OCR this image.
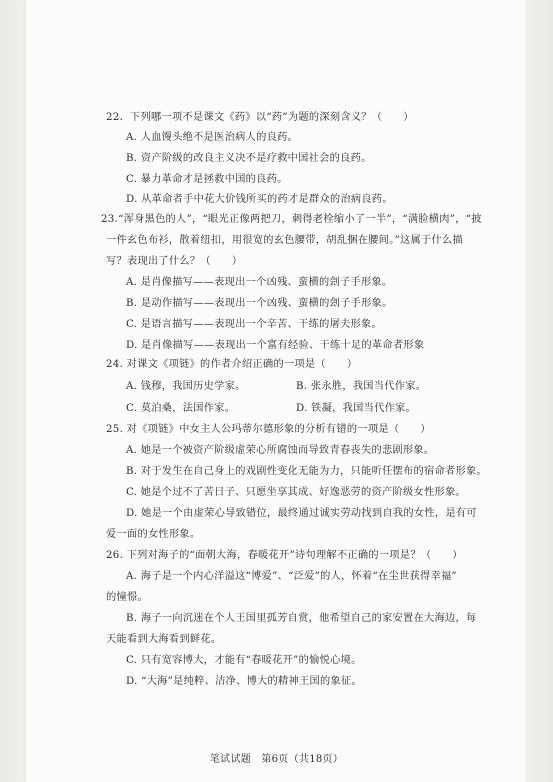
22．下列哪一项不是课文《药》以“药”为题的深刻含义？（　　）
A. 人血馒头绝不是医治病人的良药。
B. 资产阶级的改良主义决不是疗救中国社会的良药。
C. 暴力革命才是拯救中国的良药。
D. 从革命者手中花大价钱所买的药才是群众的治病良药。
23.“浑身黑色的人”，“眼光正像两把刀，刺得老栓缩小了一半”，“满脸横肉”，“披
一件玄色布衫，散着纽扣，用很宽的玄色腰带，胡乱捆在腰间。”这属于什么描
写？表现出了什么？（　　）
A. 是肖像描写——表现出一个凶残、蛮横的刽子手形象。
B. 是动作描写——表现出一个凶残、蛮横的刽子手形象。
C. 是语言描写——表现出一个辛苦、干练的屠夫形象。
D. 是肖像描写——表现出一个富有经验、干练十足的革命者形象
24. 对课文《项链》的作者介绍正确的一项是（　　）
A. 钱穆，我国历史学家。	B. 张永胜，我国当代作家。
C. 莫泊桑，法国作家。	D. 铁凝，我国当代作家。
25. 对《项链》中女主人公玛蒂尔德形象的分析有错的一项是（　　）
A. 她是一个被资产阶级虚荣心所腐蚀而导致青春丧失的悲剧形象。
B. 对于发生在自己身上的戏剧性变化无能为力，只能听任摆布的宿命者形象。
C. 她是个过不了苦日子、只愿坐享其成、好逸恶劳的资产阶级女性形象。
D. 她是一个由虚荣心导致错位，最终通过诚实劳动找到自我的女性，是有可
爱一面的女性形象。
26. 下列对海子的“面朝大海，春暖花开”诗句理解不正确的一项是？（　　）
A. 海子是一个内心洋溢这“博爱”、“泛爱”的人，怀着“在尘世获得幸福”
的憧憬。
B. 海子一向沉迷在个人王国里孤芳自赏，他希望自己的家安置在大海边，每
天能看到大海看到鲜花。
C. 只有宽容博大，才能有“春暖花开”的愉悦心境。
D. “大海”是纯粹、洁净、博大的精神王国的象征。
笔试试题　第6页（共18页）
